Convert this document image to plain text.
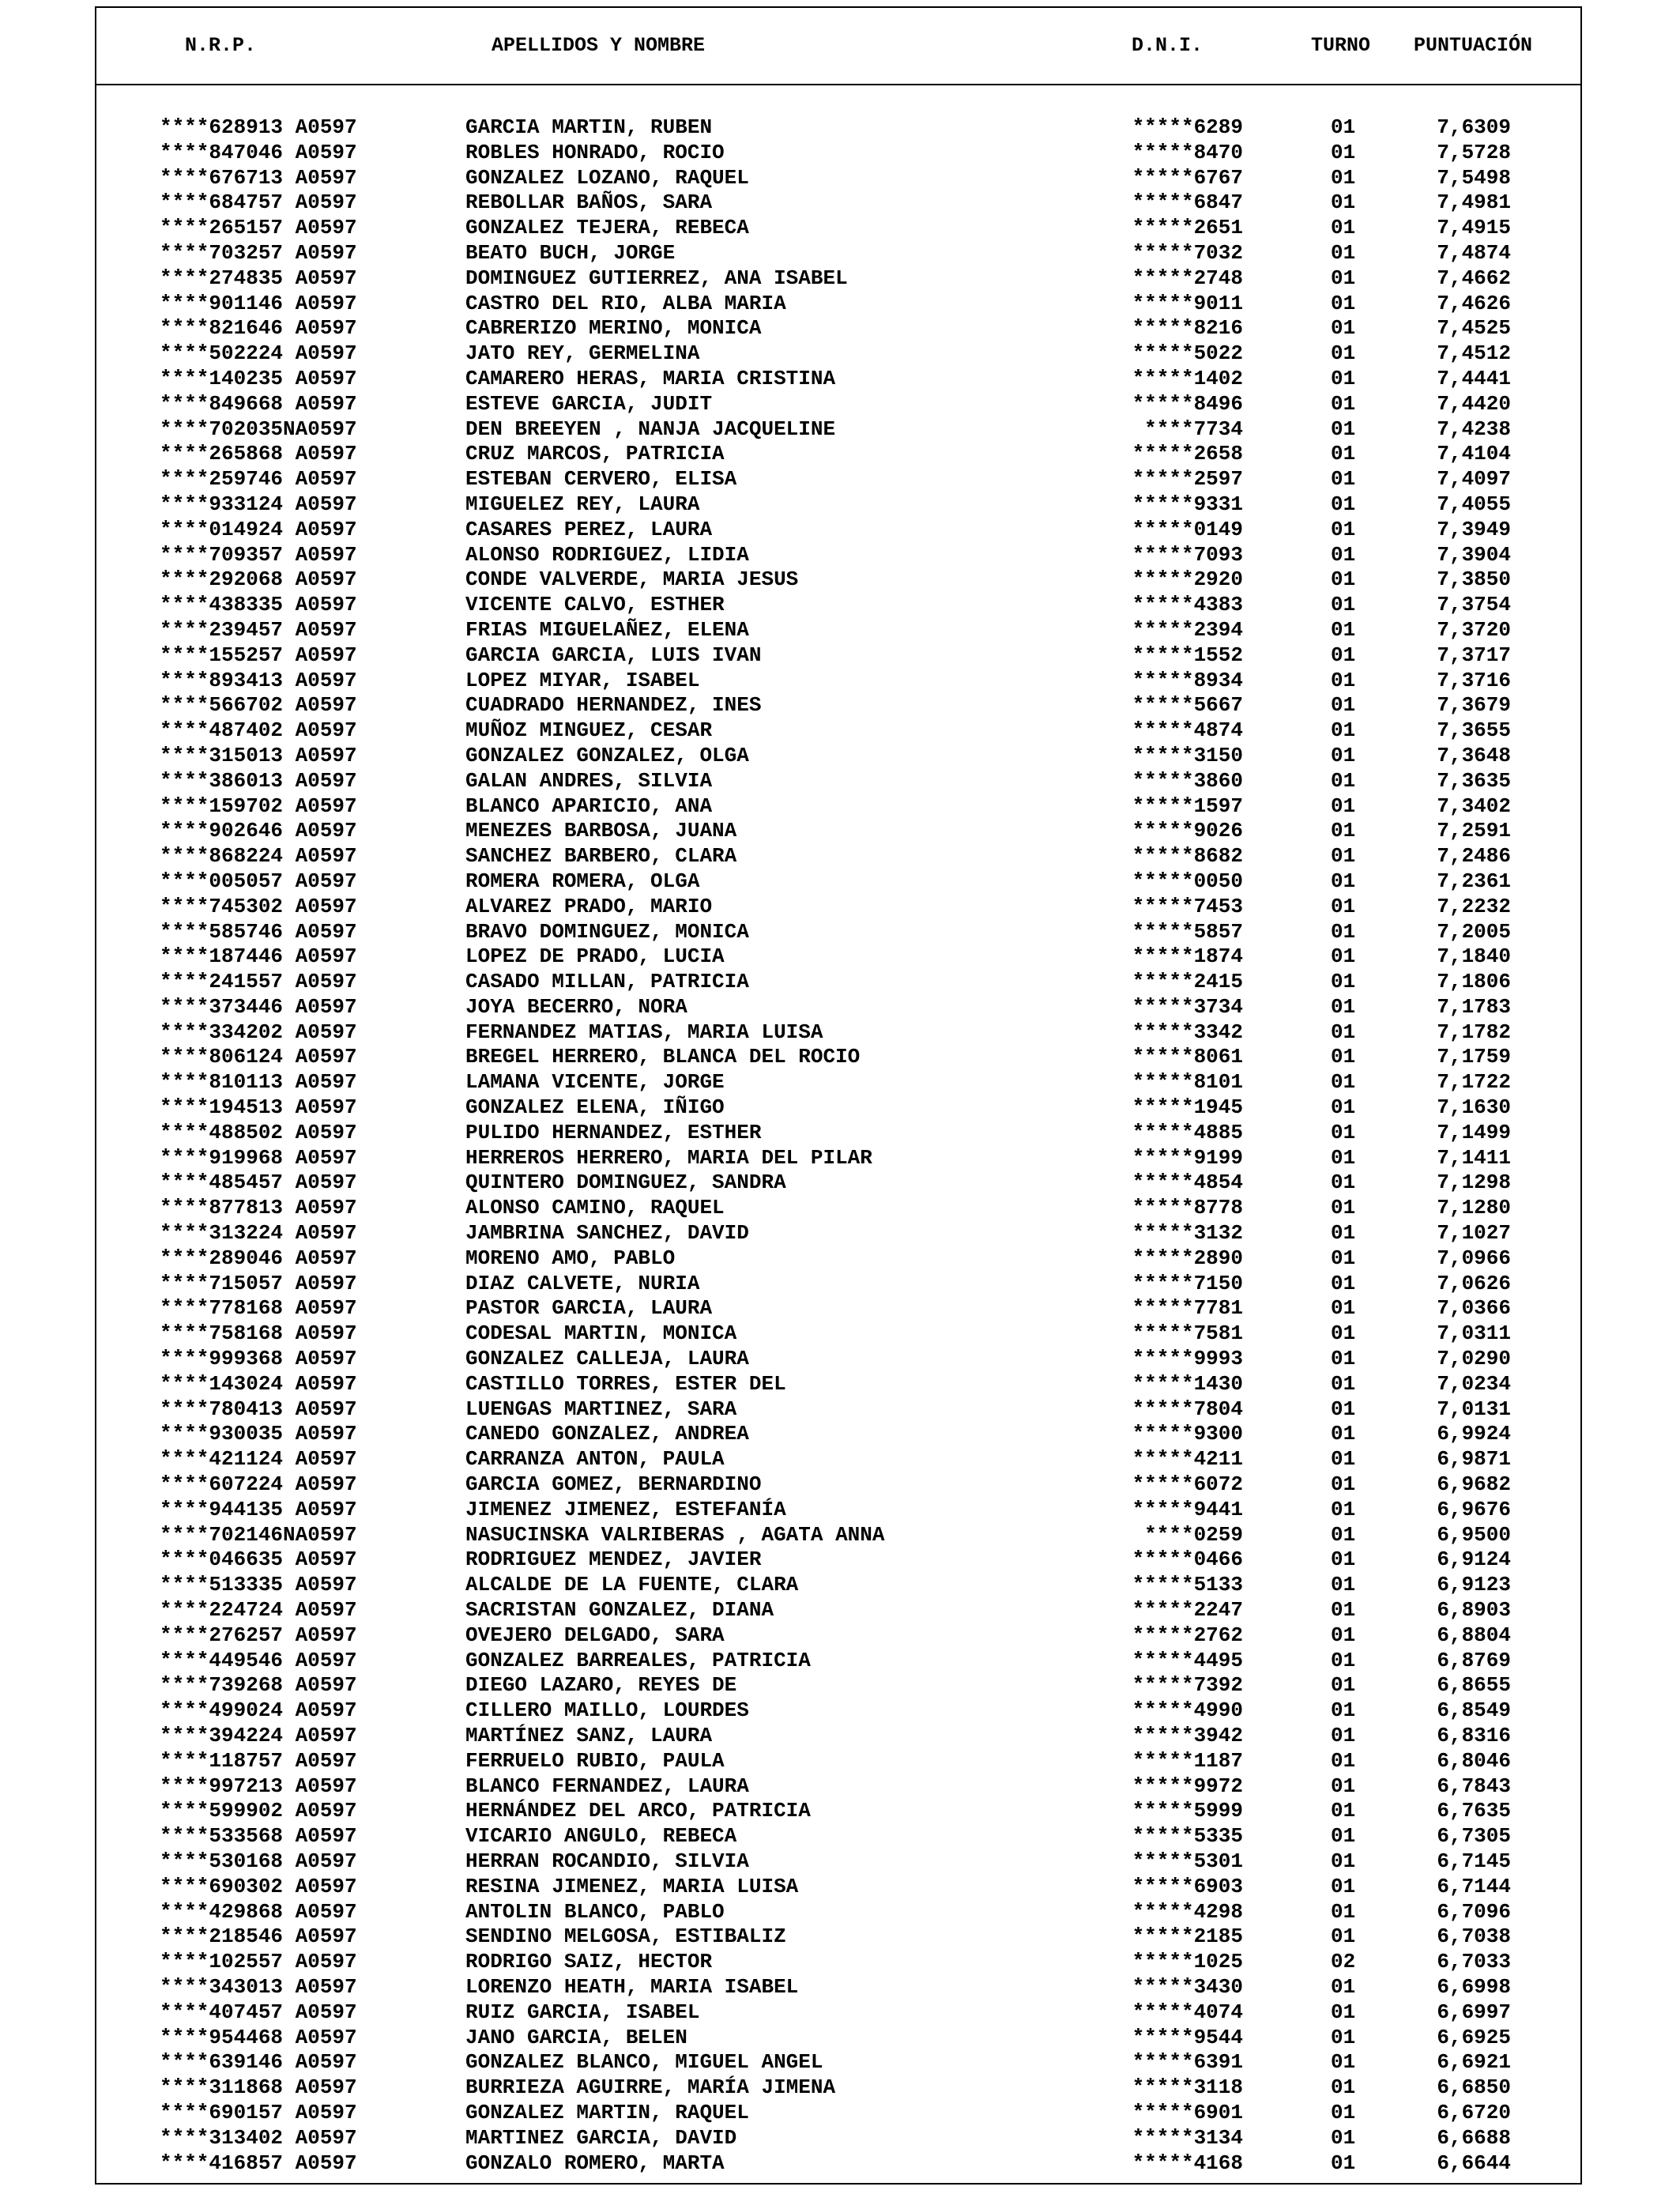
N.R.P.	APELLIDOS Y NOMBRE	D.N.I.	TURNO PUNTUACIÓN
****628913 A0597	GARCIA MARTIN, RUBEN	*****6289	01	7,6309
****847046 A0597	ROBLES HONRADO, ROCIO	*****8470	01	7,5728
****676713 A0597	GONZALEZ LOZANO, RAQUEL	*****6767	01	7,5498
****684757 A0597	REBOLLAR BAÑOS, SARA	*****6847	01	7,4981
****265157 A0597	GONZALEZ TEJERA, REBECA	*****2651	01	7,4915
****703257 A0597	BEATO BUCH, JORGE	*****7032	01	7,4874
****274835 A0597	DOMINGUEZ GUTIERREZ, ANA ISABEL	*****2748	01	7,4662
****901146 A0597	CASTRO DEL RIO, ALBA MARIA	*****9011	01	7,4626
****821646 A0597	CABRERIZO MERINO, MONICA	*****8216	01	7,4525
****502224 A0597	JATO REY, GERMELINA	*****5022	01	7,4512
****140235 A0597	CAMARERO HERAS, MARIA CRISTINA	*****1402	01	7,4441
****849668 A0597	ESTEVE GARCIA, JUDIT	*****8496	01	7,4420
****702035NA0597	DEN BREEYEN , NANJA JACQUELINE	****7734	01	7,4238
****265868 A0597	CRUZ MARCOS, PATRICIA	*****2658	01	7,4104
****259746 A0597	ESTEBAN CERVERO, ELISA	*****2597	01	7,4097
****933124 A0597	MIGUELEZ REY, LAURA	*****9331	01	7,4055
****014924 A0597	CASARES PEREZ, LAURA	*****0149	01	7,3949
****709357 A0597	ALONSO RODRIGUEZ, LIDIA	*****7093	01	7,3904
****292068 A0597	CONDE VALVERDE, MARIA JESUS	*****2920	01	7,3850
****438335 A0597	VICENTE CALVO, ESTHER	*****4383	01	7,3754
****239457 A0597	FRIAS MIGUELAÑEZ, ELENA	*****2394	01	7,3720
****155257 A0597	GARCIA GARCIA, LUIS IVAN	*****1552	01	7,3717
****893413 A0597	LOPEZ MIYAR, ISABEL	*****8934	01	7,3716
****566702 A0597	CUADRADO HERNANDEZ, INES	*****5667	01	7,3679
****487402 A0597	MUÑOZ MINGUEZ, CESAR	*****4874	01	7,3655
****315013 A0597	GONZALEZ GONZALEZ, OLGA	*****3150	01	7,3648
****386013 A0597	GALAN ANDRES, SILVIA	*****3860	01	7,3635
****159702 A0597	BLANCO APARICIO, ANA	*****1597	01	7,3402
****902646 A0597	MENEZES BARBOSA, JUANA	*****9026	01	7,2591
****868224 A0597	SANCHEZ BARBERO, CLARA	*****8682	01	7,2486
****005057 A0597	ROMERA ROMERA, OLGA	*****0050	01	7,2361
****745302 A0597	ALVAREZ PRADO, MARIO	*****7453	01	7,2232
****585746 A0597	BRAVO DOMINGUEZ, MONICA	*****5857	01	7,2005
****187446 A0597	LOPEZ DE PRADO, LUCIA	*****1874	01	7,1840
****241557 A0597	CASADO MILLAN, PATRICIA	*****2415	01	7,1806
****373446 A0597	JOYA BECERRO, NORA	*****3734	01	7,1783
****334202 A0597	FERNANDEZ MATIAS, MARIA LUISA	*****3342	01	7,1782
****806124 A0597	BREGEL HERRERO, BLANCA DEL ROCIO	*****8061	01	7,1759
****810113 A0597	LAMANA VICENTE, JORGE	*****8101	01	7,1722
****194513 A0597	GONZALEZ ELENA, IÑIGO	*****1945	01	7,1630
****488502 A0597	PULIDO HERNANDEZ, ESTHER	*****4885	01	7,1499
****919968 A0597	HERREROS HERRERO, MARIA DEL PILAR	*****9199	01	7,1411
****485457 A0597	QUINTERO DOMINGUEZ, SANDRA	*****4854	01	7,1298
****877813 A0597	ALONSO CAMINO, RAQUEL	*****8778	01	7,1280
****313224 A0597	JAMBRINA SANCHEZ, DAVID	*****3132	01	7,1027
****289046 A0597	MORENO AMO, PABLO	*****2890	01	7,0966
****715057 A0597	DIAZ CALVETE, NURIA	*****7150	01	7,0626
****778168 A0597	PASTOR GARCIA, LAURA	*****7781	01	7,0366
****758168 A0597	CODESAL MARTIN, MONICA	*****7581	01	7,0311
****999368 A0597	GONZALEZ CALLEJA, LAURA	*****9993	01	7,0290
****143024 A0597	CASTILLO TORRES, ESTER DEL	*****1430	01	7,0234
****780413 A0597	LUENGAS MARTINEZ, SARA	*****7804	01	7,0131
****930035 A0597	CANEDO GONZALEZ, ANDREA	*****9300	01	6,9924
****421124 A0597	CARRANZA ANTON, PAULA	*****4211	01	6,9871
****607224 A0597	GARCIA GOMEZ, BERNARDINO	*****6072	01	6,9682
****944135 A0597	JIMENEZ JIMENEZ, ESTEFANÍA	*****9441	01	6,9676
****702146NA0597	NASUCINSKA VALRIBERAS , AGATA ANNA	****0259	01	6,9500
****046635 A0597	RODRIGUEZ MENDEZ, JAVIER	*****0466	01	6,9124
****513335 A0597	ALCALDE DE LA FUENTE, CLARA	*****5133	01	6,9123
****224724 A0597	SACRISTAN GONZALEZ, DIANA	*****2247	01	6,8903
****276257 A0597	OVEJERO DELGADO, SARA	*****2762	01	6,8804
****449546 A0597	GONZALEZ BARREALES, PATRICIA	*****4495	01	6,8769
****739268 A0597	DIEGO LAZARO, REYES DE	*****7392	01	6,8655
****499024 A0597	CILLERO MAILLO, LOURDES	*****4990	01	6,8549
****394224 A0597	MARTÍNEZ SANZ, LAURA	*****3942	01	6,8316
****118757 A0597	FERRUELO RUBIO, PAULA	*****1187	01	6,8046
****997213 A0597	BLANCO FERNANDEZ, LAURA	*****9972	01	6,7843
****599902 A0597	HERNÁNDEZ DEL ARCO, PATRICIA	*****5999	01	6,7635
****533568 A0597	VICARIO ANGULO, REBECA	*****5335	01	6,7305
****530168 A0597	HERRAN ROCANDIO, SILVIA	*****5301	01	6,7145
****690302 A0597	RESINA JIMENEZ, MARIA LUISA	*****6903	01	6,7144
****429868 A0597	ANTOLIN BLANCO, PABLO	*****4298	01	6,7096
****218546 A0597	SENDINO MELGOSA, ESTIBALIZ	*****2185	01	6,7038
****102557 A0597	RODRIGO SAIZ, HECTOR	*****1025	02	6,7033
****343013 A0597	LORENZO HEATH, MARIA ISABEL	*****3430	01	6,6998
****407457 A0597	RUIZ GARCIA, ISABEL	*****4074	01	6,6997
****954468 A0597	JANO GARCIA, BELEN	*****9544	01	6,6925
****639146 A0597	GONZALEZ BLANCO, MIGUEL ANGEL	*****6391	01	6,6921
****311868 A0597	BURRIEZA AGUIRRE, MARÍA JIMENA	*****3118	01	6,6850
****690157 A0597	GONZALEZ MARTIN, RAQUEL	*****6901	01	6,6720
****313402 A0597	MARTINEZ GARCIA, DAVID	*****3134	01	6,6688
****416857 A0597	GONZALO ROMERO, MARTA	*****4168	01	6,6644
